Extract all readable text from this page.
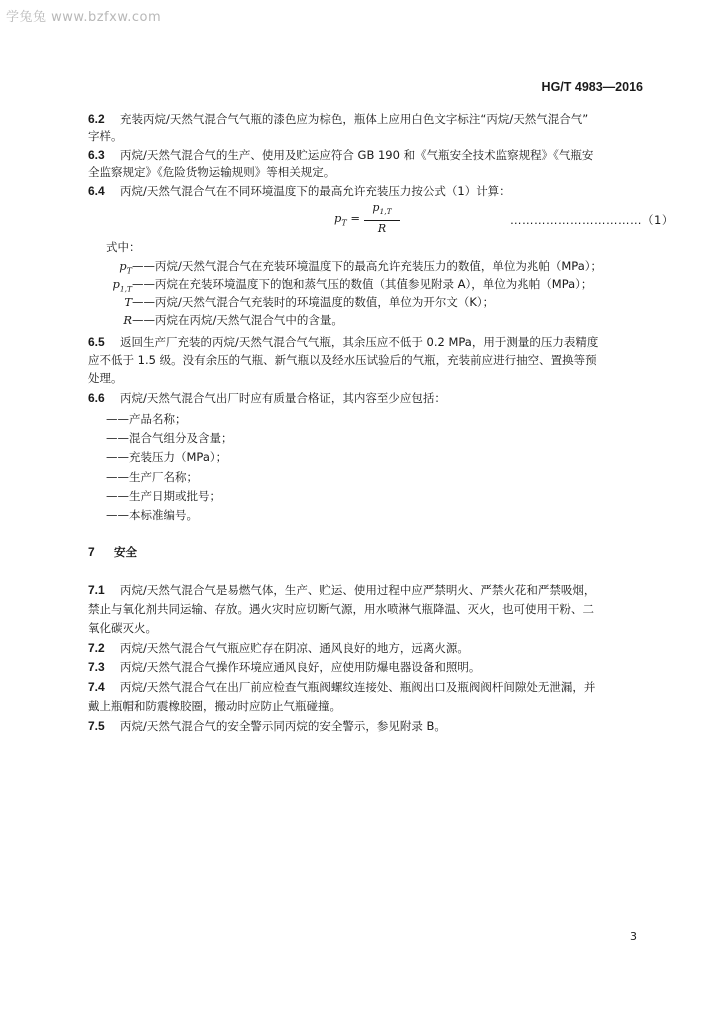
学兔兔 www.bzfxw.com
HG/T 4983—2016
6.2 充装丙烷/天然气混合气气瓶的漆色应为棕色，瓶体上应用白色文字标注“丙烷/天然气混合气”
字样。
6.3 丙烷/天然气混合气的生产、使用及贮运应符合 GB 190 和《气瓶安全技术监察规程》《气瓶安
全监察规定》《危险货物运输规则》等相关规定。
6.4 丙烷/天然气混合气在不同环境温度下的最高允许充装压力按公式（1）计算：
$p_T$ =
$p_{1,T}$
R
……………………………（1）
式中：
$p_T——$丙烷/天然气混合气在充装环境温度下的最高允许充装压力的数值，单位为兆帕（MPa）；
$p_{1,T}——$丙烷在充装环境温度下的饱和蒸气压的数值（其值参见附录 A），单位为兆帕（MPa）；
T——丙烷/天然气混合气充装时的环境温度的数值，单位为开尔文（K）；
R——丙烷在丙烷/天然气混合气中的含量。
6.5 返回生产厂充装的丙烷/天然气混合气气瓶，其余压应不低于 0.2 MPa，用于测量的压力表精度
应不低于 1.5 级。没有余压的气瓶、新气瓶以及经水压试验后的气瓶，充装前应进行抽空、置换等预
处理。
6.6 丙烷/天然气混合气出厂时应有质量合格证，其内容至少应包括：
——产品名称；
——混合气组分及含量；
——充装压力（MPa）；
——生产厂名称；
——生产日期或批号；
——本标准编号。
7 安全
7.1 丙烷/天然气混合气是易燃气体，生产、贮运、使用过程中应严禁明火、严禁火花和严禁吸烟，
禁止与氧化剂共同运输、存放。遇火灾时应切断气源，用水喷淋气瓶降温、灭火，也可使用干粉、二
氧化碳灭火。
7.2 丙烷/天然气混合气气瓶应贮存在阴凉、通风良好的地方，远离火源。
7.3 丙烷/天然气混合气操作环境应通风良好，应使用防爆电器设备和照明。
7.4 丙烷/天然气混合气在出厂前应检查气瓶阀螺纹连接处、瓶阀出口及瓶阀阀杆间隙处无泄漏，并
戴上瓶帽和防震橡胶圈，搬动时应防止气瓶碰撞。
7.5 丙烷/天然气混合气的安全警示同丙烷的安全警示，参见附录 B。
3
